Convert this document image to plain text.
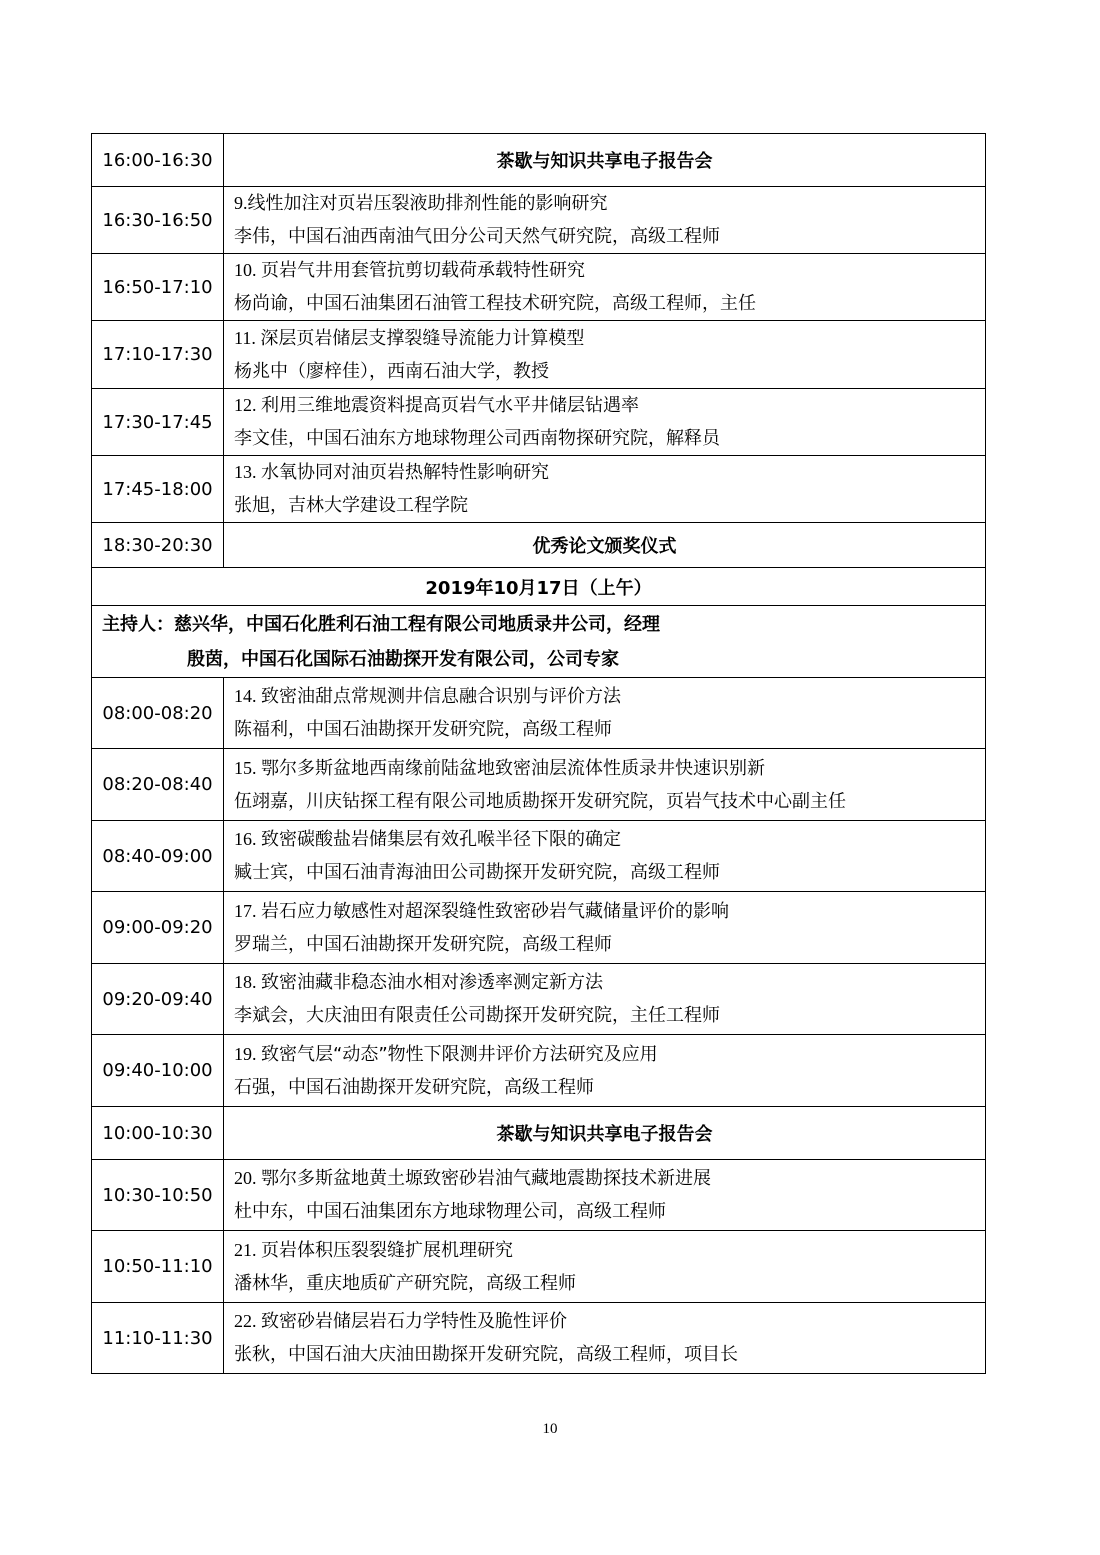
16:00-16:30	茶歇与知识共享电子报告会
16:30-16:50	9.线性加注对页岩压裂液助排剂性能的影响研究
李伟，中国石油西南油气田分公司天然气研究院，高级工程师

16:50-17:10	10. 页岩气井用套管抗剪切载荷承载特性研究
杨尚谕，中国石油集团石油管工程技术研究院，高级工程师，主任

17:10-17:30	11. 深层页岩储层支撑裂缝导流能力计算模型
杨兆中（廖梓佳），西南石油大学，教授

17:30-17:45	12. 利用三维地震资料提高页岩气水平井储层钻遇率
李文佳，中国石油东方地球物理公司西南物探研究院，解释员

17:45-18:00	13. 水氧协同对油页岩热解特性影响研究
张旭，吉林大学建设工程学院

18:30-20:30	优秀论文颁奖仪式
2019年10月17日（上午）	

主持人：慈兴华，中国石化胜利石油工程有限公司地质录井公司，经理
殷茵，中国石化国际石油勘探开发有限公司，公司专家	

08:00-08:20	14. 致密油甜点常规测井信息融合识别与评价方法
陈福利，中国石油勘探开发研究院，高级工程师

08:20-08:40	15. 鄂尔多斯盆地西南缘前陆盆地致密油层流体性质录井快速识别新
伍翊嘉，川庆钻探工程有限公司地质勘探开发研究院，页岩气技术中心副主任

08:40-09:00	16. 致密碳酸盐岩储集层有效孔喉半径下限的确定
臧士宾，中国石油青海油田公司勘探开发研究院，高级工程师

09:00-09:20	17. 岩石应力敏感性对超深裂缝性致密砂岩气藏储量评价的影响
罗瑞兰，中国石油勘探开发研究院，高级工程师

09:20-09:40	18. 致密油藏非稳态油水相对渗透率测定新方法
李斌会，大庆油田有限责任公司勘探开发研究院，主任工程师

09:40-10:00	19. 致密气层“动态”物性下限测井评价方法研究及应用
石强，中国石油勘探开发研究院，高级工程师

10:00-10:30	茶歇与知识共享电子报告会
10:30-10:50	20. 鄂尔多斯盆地黄土塬致密砂岩油气藏地震勘探技术新进展
杜中东，中国石油集团东方地球物理公司，高级工程师

10:50-11:10	21. 页岩体积压裂裂缝扩展机理研究
潘林华，重庆地质矿产研究院，高级工程师

11:10-11:30	22. 致密砂岩储层岩石力学特性及脆性评价
张秋，中国石油大庆油田勘探开发研究院，高级工程师，项目长
10
